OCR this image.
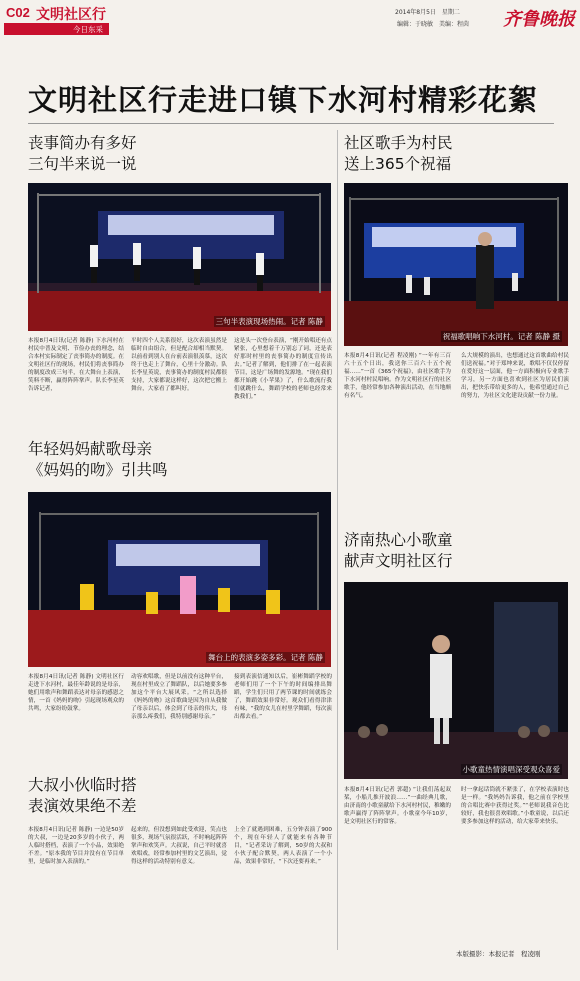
C02 文明社区行
今日东采
2014年8月5日　星期二
编辑：于晓敏　美编：程茵 齐鲁晚报
文明社区行走进口镇下水河村精彩花絮
丧事简办有多好
三句半来说一说
三句半表演现场热闹。记者 陈静
本报8月4日讯(记者 陈静) 下水河村在村民中普及文明、节俭办丧的理念，结合本村实际制定了丧事简办的制度。在文明社区行的现场，村民们将丧事简办的制度改成三句半，在大舞台上表演，笑料不断，赢得阵阵掌声。队长李星英告诉记者，
平时四个人关系很好，这次表演虽然是临时自由组合，但是配合却相当默契。以前看到别人在台前表演很羡慕，这次终于也走上了舞台，心里十分激动。队长李星英说，丧事简办的制度村民都很支持，大家都说这样好，这次把它搬上舞台，大家看了都叫好。
这是头一次登台表演，“刚开始唱还有点紧张，心里想着千万别忘了词，还是表好那时村里的丧事简办的制度宣传出去。”记者了解到，他们排了在一起表演节目，这是广场舞的发源地。“现在我们都开始跳《小苹果》了，什么歌流行我们就跳什么，舞蹈学校的老师也经常来教我们。”
年轻妈妈献歌母亲
《妈妈的吻》引共鸣
舞台上的表演多姿多彩。记者 陈静
本报8月4日讯(记者 陈静) 文明社区行走进下水河村，最佳年龄说的是母亲，她们用歌声和舞蹈表达对母亲的感恩之情，一首《妈妈的吻》引起现场观众的共鸣，大家纷纷鼓掌。
动容欢唱歌，但是以前没有这种平台，现在村里成立了舞蹈队，以后她要多参加这个平台大展风采。“之所以选择《妈妈的吻》这首歌曲是因为自从我做了母亲以后，体会到了母亲的伟大，母亲那么疼我们，我特别感谢母亲。”
接到表演信通知以后，崔彬舞蹈学校的老师们用了一个下午的时间编排出舞蹈，学生们只用了两节课的时间就练会了，舞蹈效果非常好。观众们看得津津有味，“我的女儿在村里学舞蹈，每次演出都去看。”
大叔小伙临时搭
表演效果绝不差
本报8月4日讯(记者 陈静) 一边是50岁的大叔，一边是20多岁的小伙子，两人临时搭档，表演了一个小品，效果绝不差。“原本我的节目并没有在节目单里，是临时加入表演的。”
起来的，但没想到如此受欢迎，笑点也很多，现场气氛很活跃，不时响起阵阵掌声和欢笑声。大叔说，自己平时就喜欢唱戏，经常参加村里的文艺演出，觉得这样的活动特别有意义。
上全了就遇到困难，五分钟表演了900个，现在年轻人了就能来有各种节目，“记者采访了解到，50岁的大叔和小伙子配合默契，两人表演了一个小品，效果非常好，“下次还要再来。”
社区歌手为村民
送上365个祝福
祝福歌唱响下水河村。记者 陈静 摄
本报8月4日讯(记者 程凌刚) “一年有三百六十五个日出，我送你三百六十五个祝福……”一首《365个祝福》，由社区歌手为下水河村村民唱响。作为文明社区行的社区歌手，他经常参加各种演出活动，在当地颇有名气。
么大规模的演出，也想通过这首歌曲给村民们送祝福。”对于郑坤来说，歌唱不仅仅停留在爱好这一层面，他一方面积极向专业歌手学习，另一方面也喜欢到社区为居民们演出，把快乐带给更多的人，他希望通过自己的努力，为社区文化建设贡献一份力量。
济南热心小歌童
献声文明社区行
小歌童热情演唱深受观众喜爱
本报8月4日讯(记者 郭超) “让我们荡起双桨，小船儿推开波浪……”一曲经典儿歌，由济南的小歌童献给下水河村村民，稚嫩的歌声赢得了阵阵掌声。小歌童今年10岁，是文明社区行的常客。
时一拿起话筒就不紧张了，在学校表演时也是一样。“我妈妈告诉我，他之前在学校里的合唱比赛中获得过奖。”“老师说我音色比较好，我也很喜欢唱歌。”小歌童说，以后还要多参加这样的活动，给大家带来快乐。
本版摄影：本报记者　程凌刚
